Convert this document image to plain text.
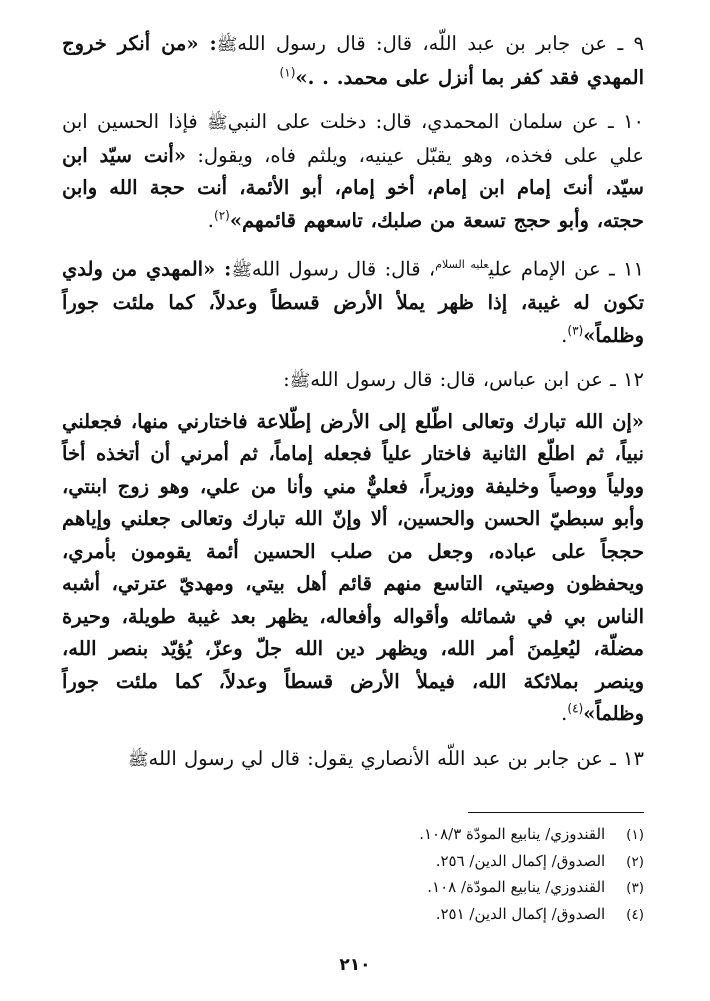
٩ ـ عن جابر بن عبد اللّه، قال: قال رسول اللهﷺ: «من أنكر خروج المهدي فقد كفر بما أنزل على محمد. . .»$^{(١)}$

١٠ ـ عن سلمان المحمدي، قال: دخلت على النبيﷺ فإذا الحسين ابن علي على فخذه، وهو يقبّل عينيه، ويلثم فاه، ويقول: «أنت سيّد ابن سيّد، أنتَ إمام ابن إمام، أخو إمام، أبو الأئمة، أنت حجة الله وابن حجته، وأبو حجج تسعة من صلبك، تاسعهم قائمهم»$^{(٢)}$.

١١ ـ عن الإمام علي$^{عليه السلام}$، قال: قال رسول اللهﷺ: «المهدي من ولدي تكون له غيبة، إذا ظهر يملأ الأرض قسطاً وعدلاً، كما ملئت جوراً وظلماً»$^{(٣)}$.

١٢ ـ عن ابن عباس، قال: قال رسول اللهﷺ:

«إن الله تبارك وتعالى اطّلع إلى الأرض إطّلاعة فاختارني منها، فجعلني نبياً، ثم اطلّع الثانية فاختار علياً فجعله إماماً، ثم أمرني أن أتخذه أخاً وولياً ووصياً وخليفة ووزيراً، فعليٌّ مني وأنا من علي، وهو زوج ابنتي، وأبو سبطيّ الحسن والحسين، ألا وإنّ الله تبارك وتعالى جعلني وإياهم حججاً على عباده، وجعل من صلب الحسين أئمة يقومون بأمري، ويحفظون وصيتي، التاسع منهم قائم أهل بيتي، ومهديّ عترتي، أشبه الناس بي في شمائله وأقواله وأفعاله، يظهر بعد غيبة طويلة، وحيرة مضلّة، ليُعلِمنَ أمر الله، ويظهر دين الله جلّ وعزّ، يُؤيّد بنصر الله، وينصر بملائكة الله، فيملأ الأرض قسطاً وعدلاً، كما ملئت جوراً وظلماً»$^{(٤)}$.

١٣ ـ عن جابر بن عبد اللّه الأنصاري يقول: قال لي رسول اللهﷺ

(١) القندوزي/ ينابيع المودّة ١٠٨/٣.
(٢) الصدوق/ إكمال الدين/ ٢٥٦.
(٣) القندوزي/ ينابيع المودّة/ ١٠٨.
(٤) الصدوق/ إكمال الدين/ ٢٥١.
٢١٠
